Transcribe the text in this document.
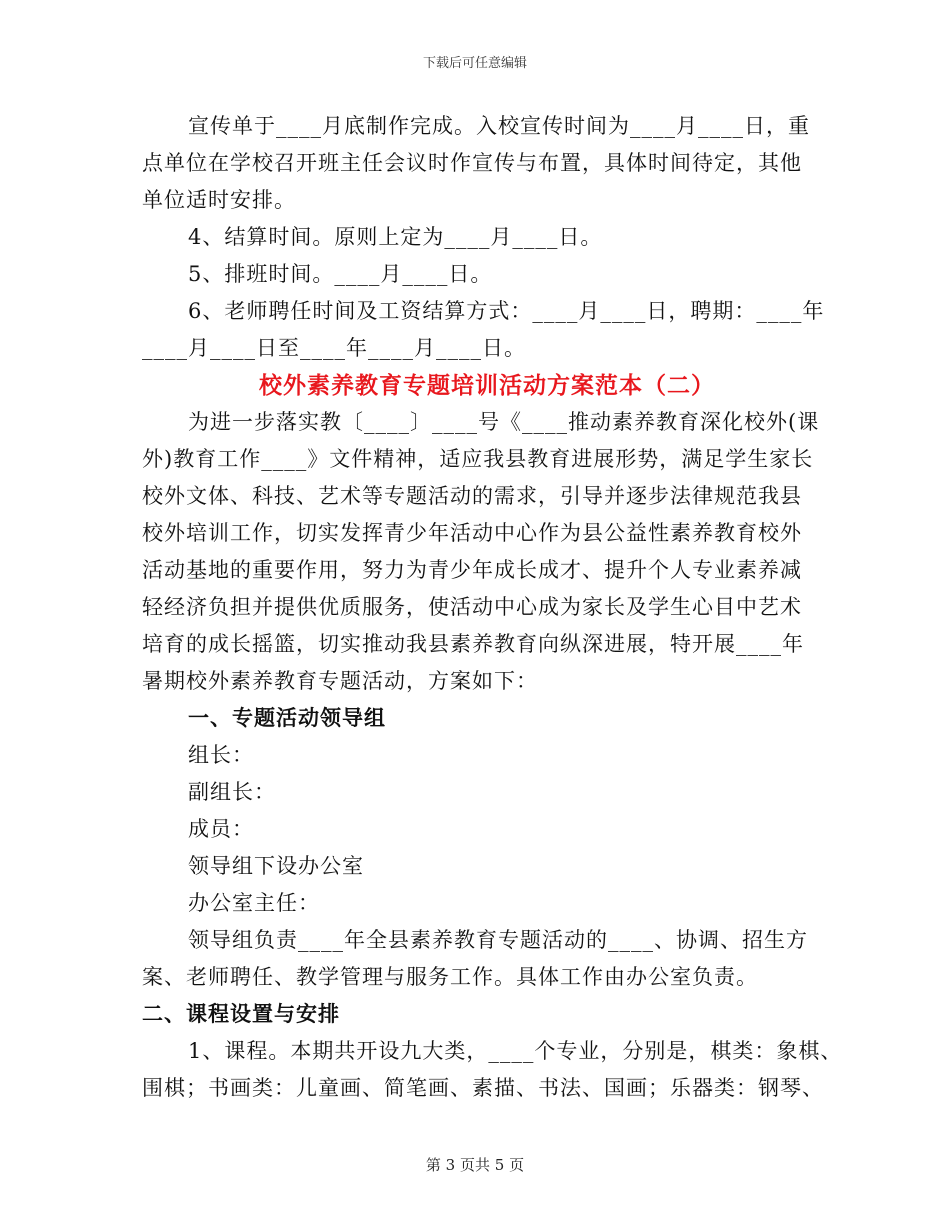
下载后可任意编辑

宣传单于____月底制作完成。入校宣传时间为____月____日，重

点单位在学校召开班主任会议时作宣传与布置，具体时间待定，其他

单位适时安排。

4、结算时间。原则上定为____月____日。

5、排班时间。____月____日。

6、老师聘任时间及工资结算方式：____月____日，聘期：____年

____月____日至____年____月____日。

校外素养教育专题培训活动方案范本（二）

为进一步落实教〔____〕____号《____推动素养教育深化校外(课

外)教育工作____》文件精神，适应我县教育进展形势，满足学生家长

校外文体、科技、艺术等专题活动的需求，引导并逐步法律规范我县

校外培训工作，切实发挥青少年活动中心作为县公益性素养教育校外

活动基地的重要作用，努力为青少年成长成才、提升个人专业素养减

轻经济负担并提供优质服务，使活动中心成为家长及学生心目中艺术

培育的成长摇篮，切实推动我县素养教育向纵深进展，特开展____年

暑期校外素养教育专题活动，方案如下：

一、专题活动领导组

组长：

副组长：

成员：

领导组下设办公室

办公室主任：

领导组负责____年全县素养教育专题活动的____、协调、招生方

案、老师聘任、教学管理与服务工作。具体工作由办公室负责。

二、课程设置与安排

1、课程。本期共开设九大类，____个专业，分别是，棋类：象棋、

围棋；书画类：儿童画、简笔画、素描、书法、国画；乐器类：钢琴、

第 3 页共 5 页
